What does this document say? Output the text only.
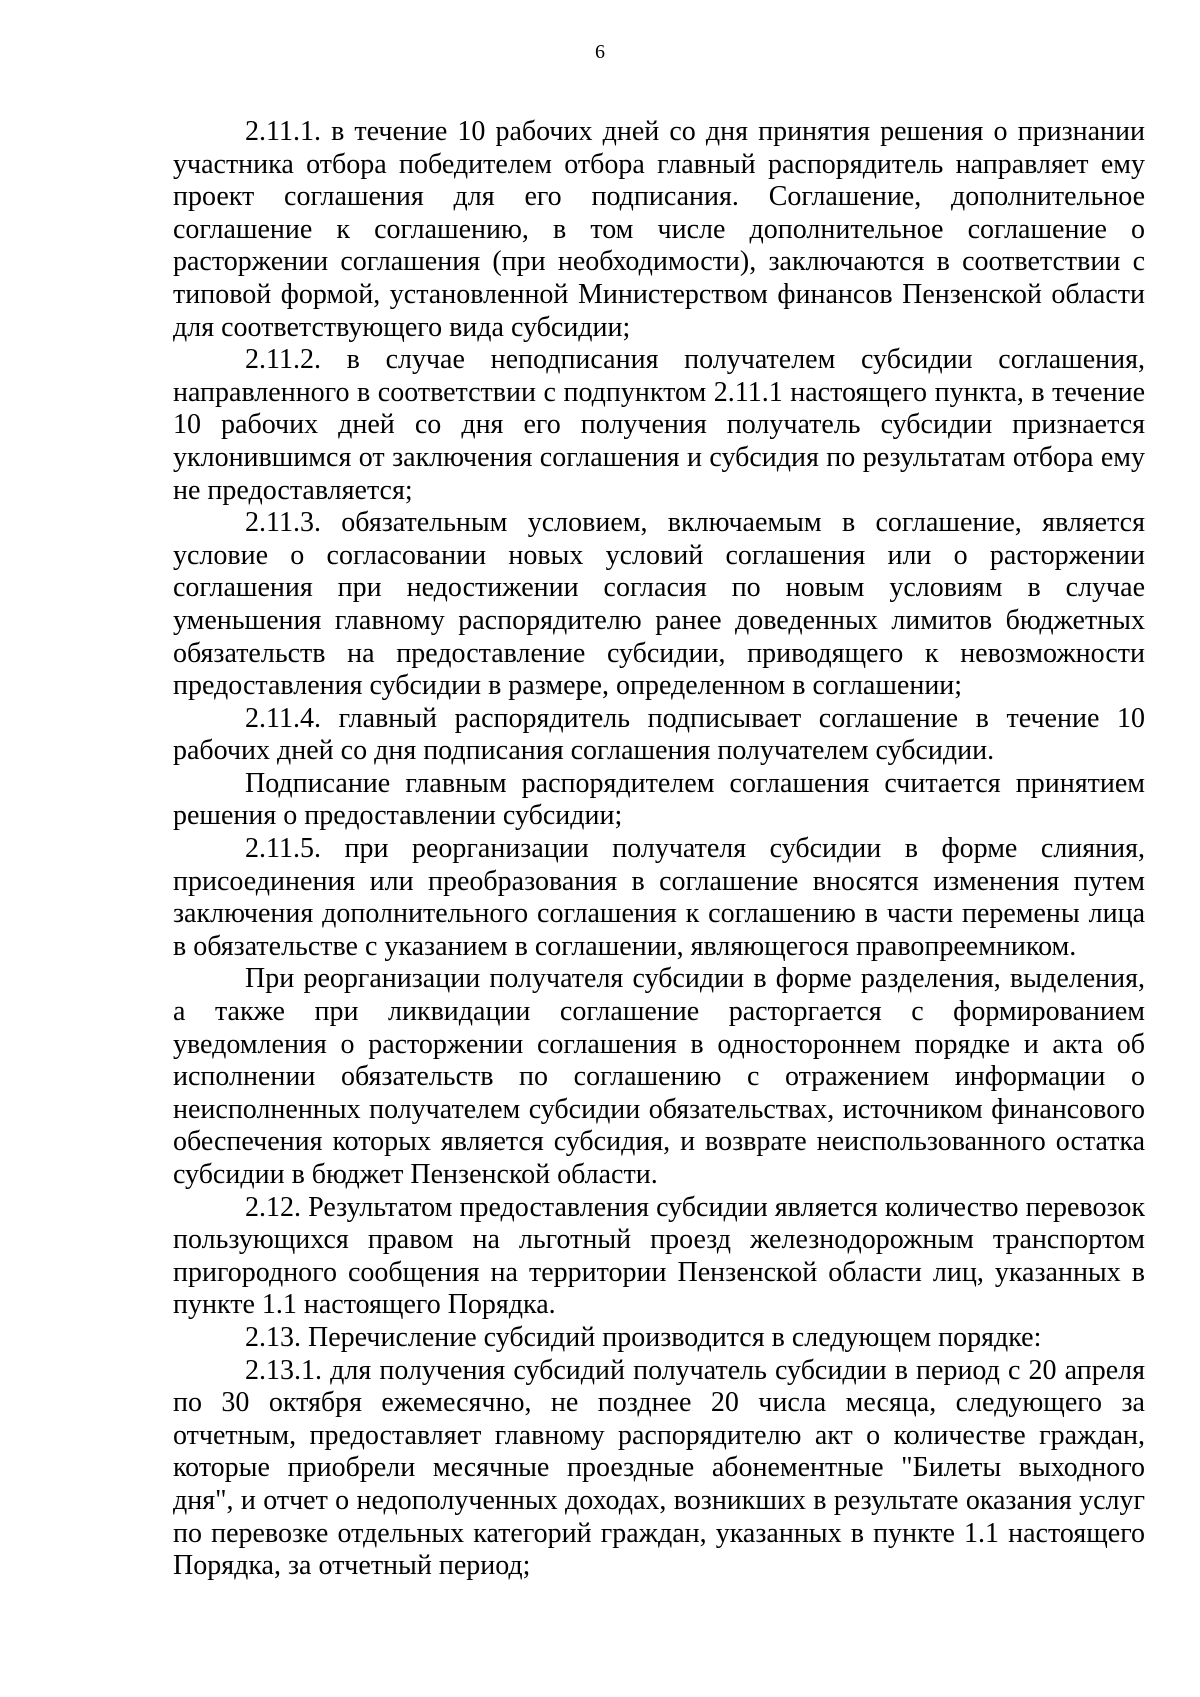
6

2.11.1. в течение 10 рабочих дней со дня принятия решения о признании участника отбора победителем отбора главный распорядитель направляет ему проект соглашения для его подписания. Соглашение, дополнительное соглашение к соглашению, в том числе дополнительное соглашение о расторжении соглашения (при необходимости), заключаются в соответствии с типовой формой, установленной Министерством финансов Пензенской области для соответствующего вида субсидии;

2.11.2. в случае неподписания получателем субсидии соглашения, направленного в соответствии с подпунктом 2.11.1 настоящего пункта, в течение 10 рабочих дней со дня его получения получатель субсидии признается уклонившимся от заключения соглашения и субсидия по результатам отбора ему не предоставляется;

2.11.3. обязательным условием, включаемым в соглашение, является условие о согласовании новых условий соглашения или о расторжении соглашения при недостижении согласия по новым условиям в случае уменьшения главному распорядителю ранее доведенных лимитов бюджетных обязательств на предоставление субсидии, приводящего к невозможности предоставления субсидии в размере, определенном в соглашении;

2.11.4. главный распорядитель подписывает соглашение в течение 10 рабочих дней со дня подписания соглашения получателем субсидии.

Подписание главным распорядителем соглашения считается принятием решения о предоставлении субсидии;

2.11.5. при реорганизации получателя субсидии в форме слияния, присоединения или преобразования в соглашение вносятся изменения путем заключения дополнительного соглашения к соглашению в части перемены лица в обязательстве с указанием в соглашении, являющегося правопреемником.

При реорганизации получателя субсидии в форме разделения, выделения, а также при ликвидации соглашение расторгается с формированием уведомления о расторжении соглашения в одностороннем порядке и акта об исполнении обязательств по соглашению с отражением информации о неисполненных получателем субсидии обязательствах, источником финансового обеспечения которых является субсидия, и возврате неиспользованного остатка субсидии в бюджет Пензенской области.

2.12. Результатом предоставления субсидии является количество перевозок пользующихся правом на льготный проезд железнодорожным транспортом пригородного сообщения на территории Пензенской области лиц, указанных в пункте 1.1 настоящего Порядка.

2.13. Перечисление субсидий производится в следующем порядке:

2.13.1. для получения субсидий получатель субсидии в период с 20 апреля по 30 октября ежемесячно, не позднее 20 числа месяца, следующего за отчетным, предоставляет главному распорядителю акт о количестве граждан, которые приобрели месячные проездные абонементные "Билеты выходного дня", и отчет о недополученных доходах, возникших в результате оказания услуг по перевозке отдельных категорий граждан, указанных в пункте 1.1 настоящего Порядка, за отчетный период;
